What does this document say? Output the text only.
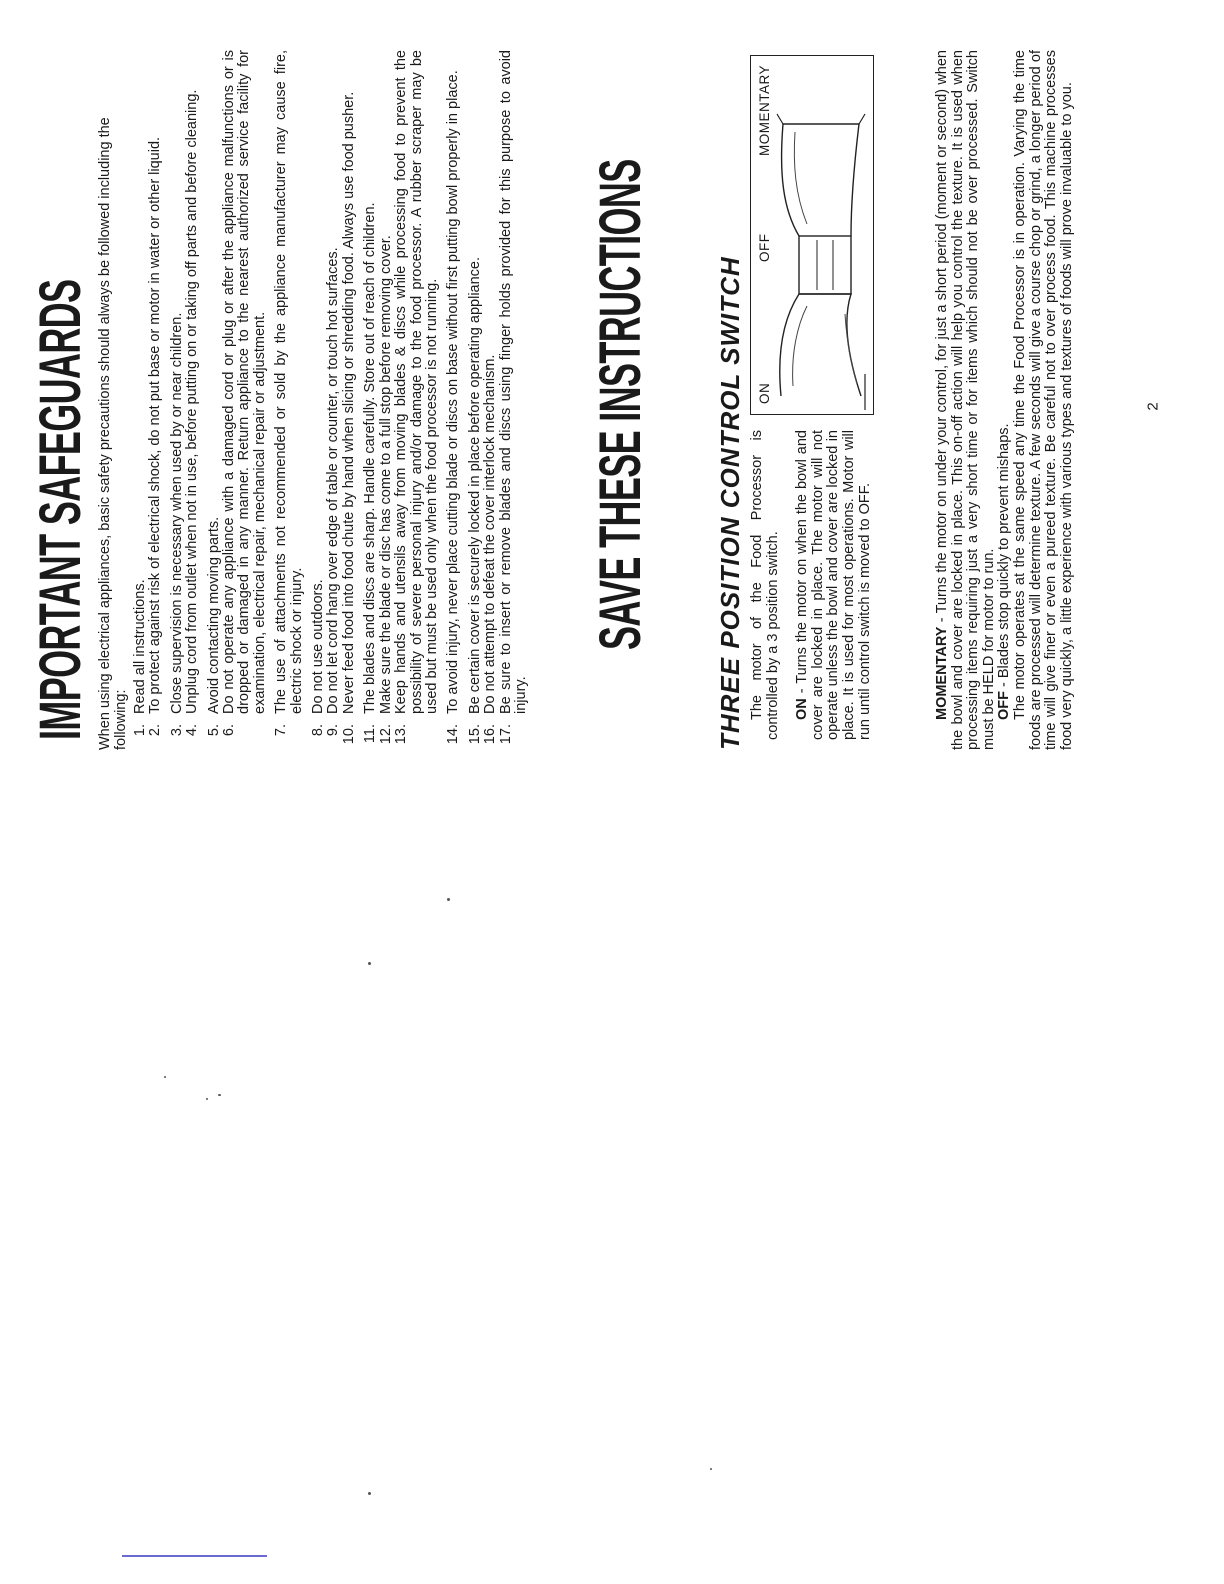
IMPORTANT SAFEGUARDS When using electrical appliances, basic safety precautions should always be followed including the following:
1. Read all instructions. 2. To protect against risk of electrical shock, do not put base or motor in water or other liquid. 3. Close supervision is necessary when used by or near children. 4. Unplug cord from outlet when not in use, before putting on or taking off parts and before cleaning. 5. Avoid contacting moving parts. 6. Do not operate any appliance with a damaged cord or plug or after the appliance malfunctions or is dropped or damaged in any manner. Return appliance to the nearest authorized service facility for examination, electrical repair, mechanical repair or adjustment. 7. The use of attachments not recommended or sold by the appliance manufacturer may cause fire, electric shock or injury. 8. Do not use outdoors. 9. Do not let cord hang over edge of table or counter, or touch hot surfaces. 10. Never feed food into food chute by hand when slicing or shredding food. Always use food pusher. 11. The blades and discs are sharp. Handle carefully. Store out of reach of children. 12. Make sure the blade or disc has come to a full stop before removing cover. 13. Keep hands and utensils away from moving blades & discs while processing food to prevent the possibility of severe personal injury and/or damage to the food processor. A rubber scraper may be used but must be used only when the food processor is not running. 14. To avoid injury, never place cutting blade or discs on base without first putting bowl properly in place. 15. Be certain cover is securely locked in place before operating appliance. 16. Do not attempt to defeat the cover interlock mechanism. 17. Be sure to insert or remove blades and discs using finger holds provided for this purpose to avoid injury.
SAVE THESE INSTRUCTIONS THREE POSITION CONTROL SWITCH The motor of the Food Processor is controlled by a 3 position switch. ON - Turns the motor on when the bowl and cover are locked in place. The motor will not operate unless the bowl and cover are locked in place. It is used for most operations. Motor will run until control switch is moved to OFF.

ON
OFF
MOMENTARY

MOMENTARY - Turns the motor on under your control, for just a short period (moment or second) when the bowl and cover are locked in place. This on-off action will help you control the texture. It is used when processing items requiring just a very short time or for items which should not be over processed. Switch must be HELD for motor to run. OFF - Blades stop quickly to prevent mishaps. The motor operates at the same speed any time the Food Processor is in operation. Varying the time foods are processed will determine texture. A few seconds will give a course chop or grind, a longer period of time will give finer or even a pureed texture. Be careful not to over process food. This machine processes food very quickly, a little experience with various types and textures of foods will prove invaluable to you.	2
